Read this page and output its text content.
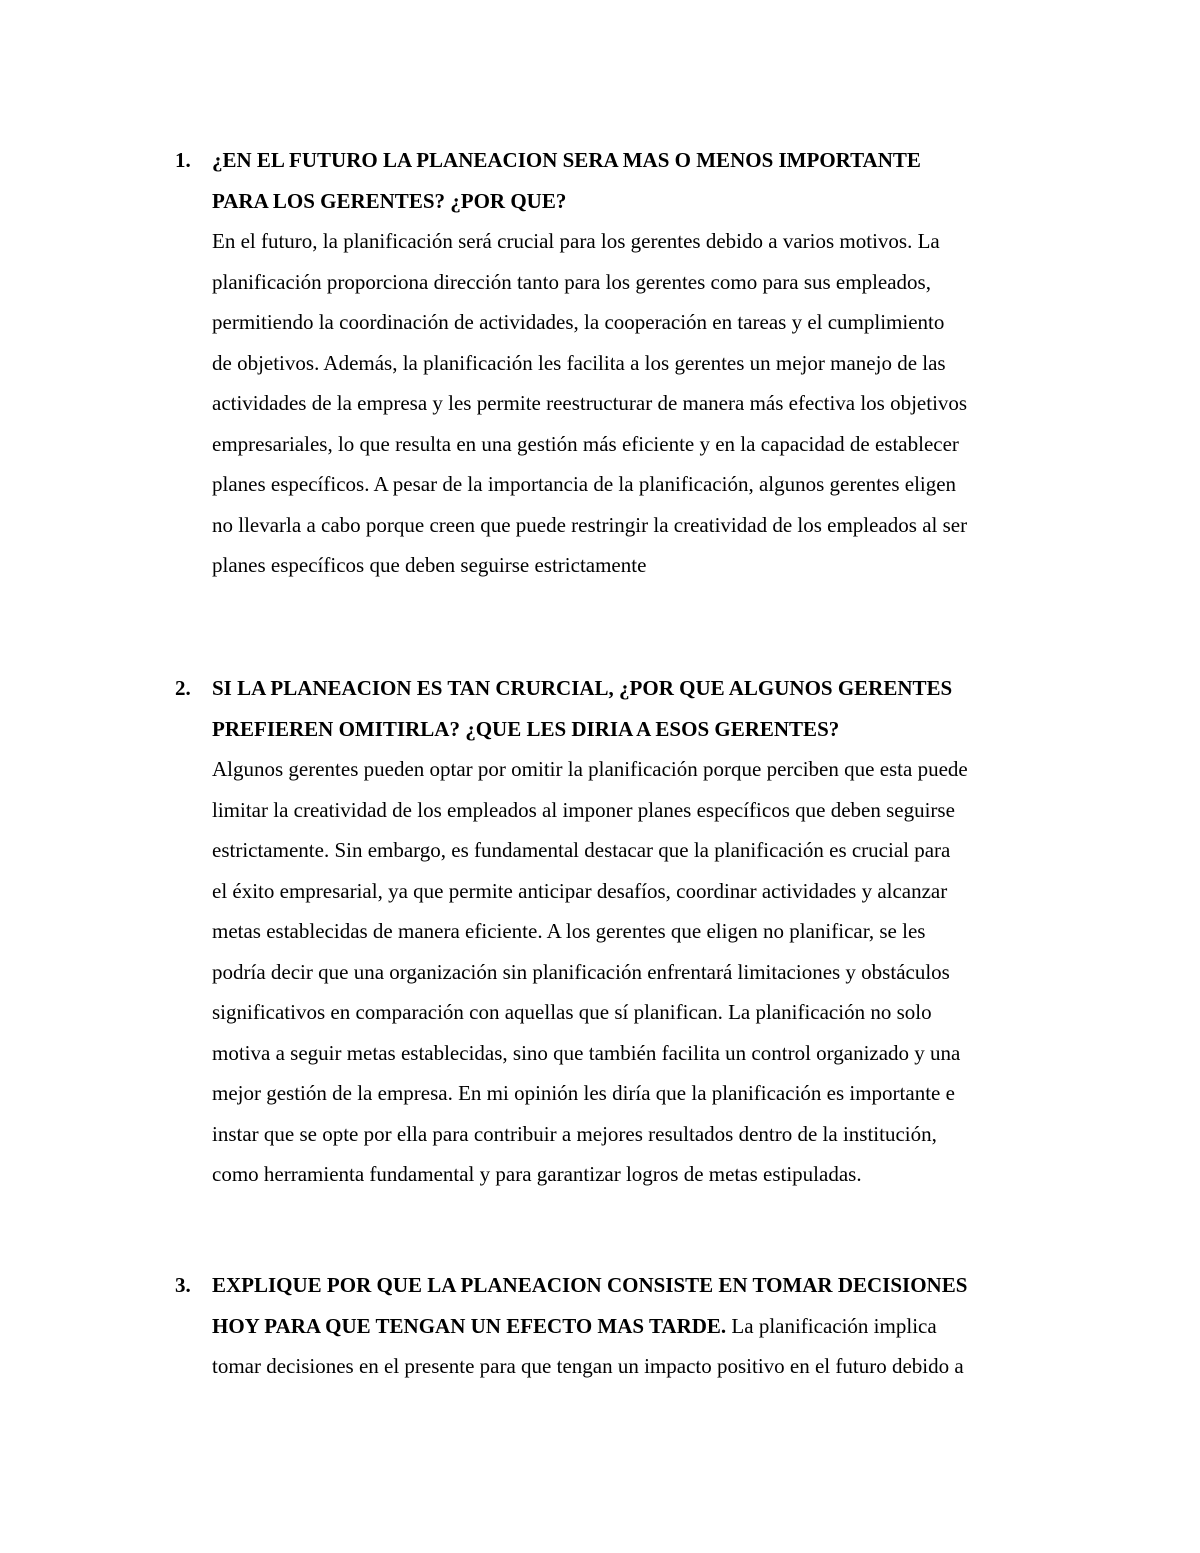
1. ¿EN EL FUTURO LA PLANEACION SERA MAS O MENOS IMPORTANTE
PARA LOS GERENTES? ¿POR QUE?
En el futuro, la planificación será crucial para los gerentes debido a varios motivos. La
planificación proporciona dirección tanto para los gerentes como para sus empleados,
permitiendo la coordinación de actividades, la cooperación en tareas y el cumplimiento
de objetivos. Además, la planificación les facilita a los gerentes un mejor manejo de las
actividades de la empresa y les permite reestructurar de manera más efectiva los objetivos
empresariales, lo que resulta en una gestión más eficiente y en la capacidad de establecer
planes específicos. A pesar de la importancia de la planificación, algunos gerentes eligen
no llevarla a cabo porque creen que puede restringir la creatividad de los empleados al ser
planes específicos que deben seguirse estrictamente
2. SI LA PLANEACION ES TAN CRURCIAL, ¿POR QUE ALGUNOS GERENTES
PREFIEREN OMITIRLA? ¿QUE LES DIRIA A ESOS GERENTES?
Algunos gerentes pueden optar por omitir la planificación porque perciben que esta puede
limitar la creatividad de los empleados al imponer planes específicos que deben seguirse
estrictamente. Sin embargo, es fundamental destacar que la planificación es crucial para
el éxito empresarial, ya que permite anticipar desafíos, coordinar actividades y alcanzar
metas establecidas de manera eficiente. A los gerentes que eligen no planificar, se les
podría decir que una organización sin planificación enfrentará limitaciones y obstáculos
significativos en comparación con aquellas que sí planifican. La planificación no solo
motiva a seguir metas establecidas, sino que también facilita un control organizado y una
mejor gestión de la empresa. En mi opinión les diría que la planificación es importante e
instar que se opte por ella para contribuir a mejores resultados dentro de la institución,
como herramienta fundamental y para garantizar logros de metas estipuladas.
3. EXPLIQUE POR QUE LA PLANEACION CONSISTE EN TOMAR DECISIONES
HOY PARA QUE TENGAN UN EFECTO MAS TARDE. La planificación implica
tomar decisiones en el presente para que tengan un impacto positivo en el futuro debido a
